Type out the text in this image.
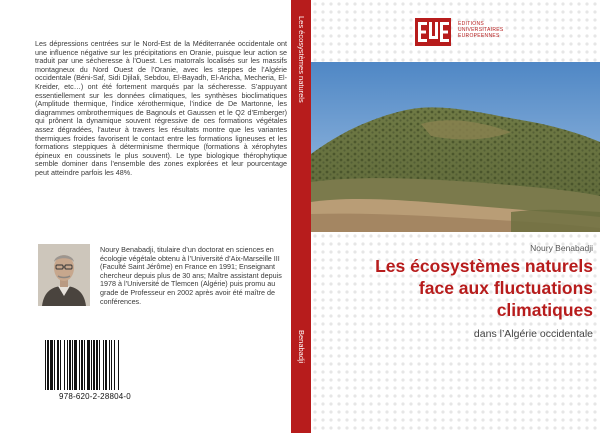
Les dépressions centrées sur le Nord-Est de la Méditerranée occidentale ont une influence négative sur les précipitations en Oranie, puisque leur action se traduit par une sécheresse à l’Ouest. Les matorrals localisés sur les massifs montagneux du Nord Ouest de l’Oranie, avec les steppes de l’Algérie occidentale (Béni-Saf, Sidi Djilali, Sebdou, El-Bayadh, El-Aricha, Mecheria, El-Kreider, etc…) ont été fortement marqués par la sécheresse. S’appuyant essentiellement sur les données climatiques, les synthèses bioclimatiques (Amplitude thermique, l’indice xérothermique, l’indice de De Martonne, les diagrammes ombrothermiques de Bagnouls et Gaussen et le Q2 d’Emberger) qui prônent la dynamique souvent régressive de ces formations végétales assez dégradées, l’auteur à travers les résultats montre que les variantes thermiques froides favorisent le contact entre les formations ligneuses et les formations steppiques à déterminisme thermique (formations à xérophytes épineux en coussinets le plus souvent). Le type biologique thérophytique semble dominer dans l’ensemble des zones explorées et leur pourcentage peut atteindre parfois les 48%.

Noury Benabadji, titulaire d’un doctorat en sciences en écologie végétale obtenu à l’Université d’Aix-Marseille III (Faculté Saint Jérôme) en France en 1991; Enseignant chercheur depuis plus de 30 ans; Maître assistant depuis 1978 à l’Université de Tlemcen (Algérie) puis promu au grade de Professeur en 2002 après avoir été maître de conférences.

978-620-2-28804-0
Les écosystèmes naturels
Benabadji
EDITIONS
UNIVERSITAIRES
EUROPEENNES
Noury Benabadji
Les écosystèmes naturels face aux fluctuations climatiques
dans l’Algérie occidentale
